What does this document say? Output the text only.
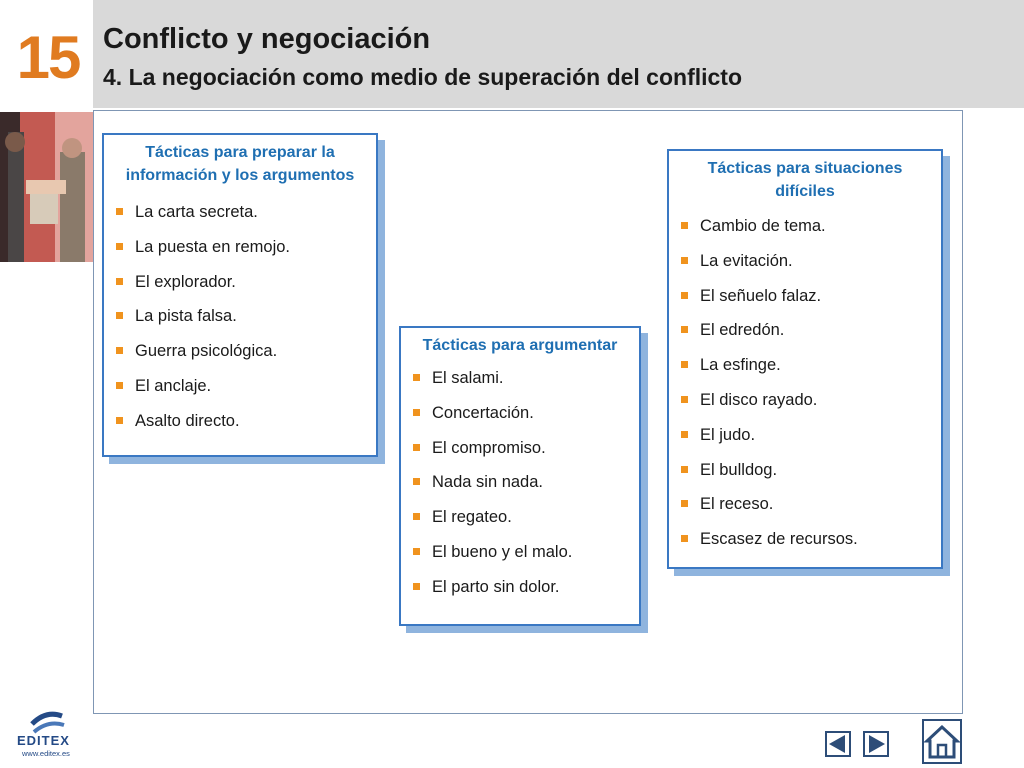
15 Conflicto y negociación
4. La negociación como medio de superación del conflicto
Tácticas para preparar la información y los argumentos
La carta secreta.
La puesta en remojo.
El explorador.
La pista falsa.
Guerra psicológica.
El anclaje.
Asalto directo.
Tácticas para argumentar
El salami.
Concertación.
El compromiso.
Nada sin nada.
El regateo.
El bueno y el malo.
El parto sin dolor.
Tácticas para situaciones difíciles
Cambio de tema.
La evitación.
El señuelo falaz.
El edredón.
La esfinge.
El disco rayado.
El judo.
El bulldog.
El receso.
Escasez de recursos.
EDITEX
www.editex.es
